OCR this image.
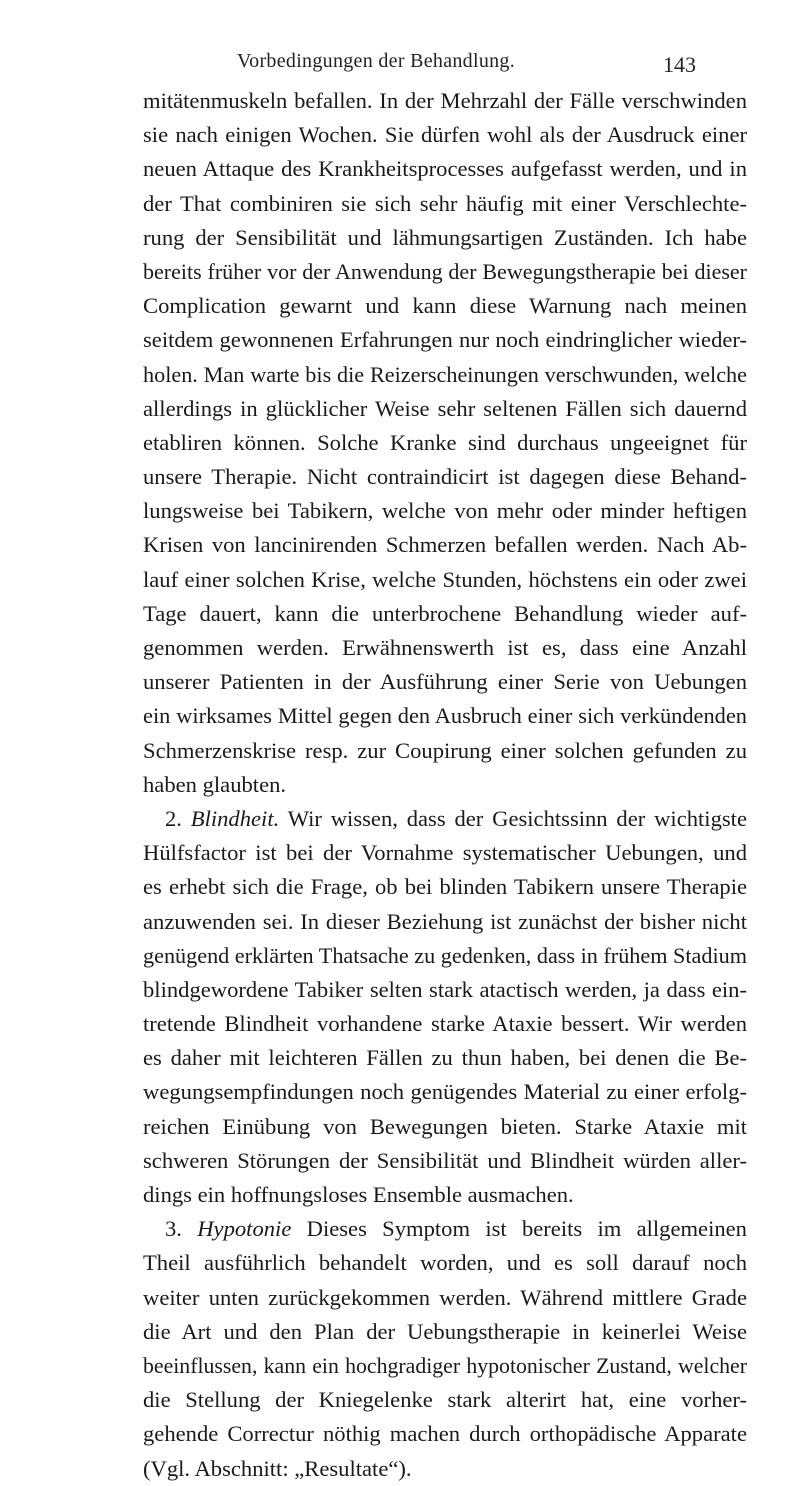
Vorbedingungen der Behandlung.	143
mitätenmuskeln befallen. In der Mehrzahl der Fälle verschwinden
sie nach einigen Wochen. Sie dürfen wohl als der Ausdruck einer
neuen Attaque des Krankheitsprocesses aufgefasst werden, und in
der That combiniren sie sich sehr häufig mit einer Verschlechte-
rung der Sensibilität und lähmungsartigen Zuständen. Ich habe
bereits früher vor der Anwendung der Bewegungstherapie bei dieser
Complication gewarnt und kann diese Warnung nach meinen
seitdem gewonnenen Erfahrungen nur noch eindringlicher wieder-
holen. Man warte bis die Reizerscheinungen verschwunden, welche
allerdings in glücklicher Weise sehr seltenen Fällen sich dauernd
etabliren können. Solche Kranke sind durchaus ungeeignet für
unsere Therapie. Nicht contraindicirt ist dagegen diese Behand-
lungsweise bei Tabikern, welche von mehr oder minder heftigen
Krisen von lancinirenden Schmerzen befallen werden. Nach Ab-
lauf einer solchen Krise, welche Stunden, höchstens ein oder zwei
Tage dauert, kann die unterbrochene Behandlung wieder auf-
genommen werden. Erwähnenswerth ist es, dass eine Anzahl
unserer Patienten in der Ausführung einer Serie von Uebungen
ein wirksames Mittel gegen den Ausbruch einer sich verkündenden
Schmerzenskrise resp. zur Coupirung einer solchen gefunden zu
haben glaubten.
2. Blindheit. Wir wissen, dass der Gesichtssinn der wichtigste
Hülfsfactor ist bei der Vornahme systematischer Uebungen, und
es erhebt sich die Frage, ob bei blinden Tabikern unsere Therapie
anzuwenden sei. In dieser Beziehung ist zunächst der bisher nicht
genügend erklärten Thatsache zu gedenken, dass in frühem Stadium
blindgewordene Tabiker selten stark atactisch werden, ja dass ein-
tretende Blindheit vorhandene starke Ataxie bessert. Wir werden
es daher mit leichteren Fällen zu thun haben, bei denen die Be-
wegungsempfindungen noch genügendes Material zu einer erfolg-
reichen Einübung von Bewegungen bieten. Starke Ataxie mit
schweren Störungen der Sensibilität und Blindheit würden aller-
dings ein hoffnungsloses Ensemble ausmachen.
3. Hypotonie Dieses Symptom ist bereits im allgemeinen
Theil ausführlich behandelt worden, und es soll darauf noch
weiter unten zurückgekommen werden. Während mittlere Grade
die Art und den Plan der Uebungstherapie in keinerlei Weise
beeinflussen, kann ein hochgradiger hypotonischer Zustand, welcher
die Stellung der Kniegelenke stark alterirt hat, eine vorher-
gehende Correctur nöthig machen durch orthopädische Apparate
(Vgl. Abschnitt: „Resultate“).
